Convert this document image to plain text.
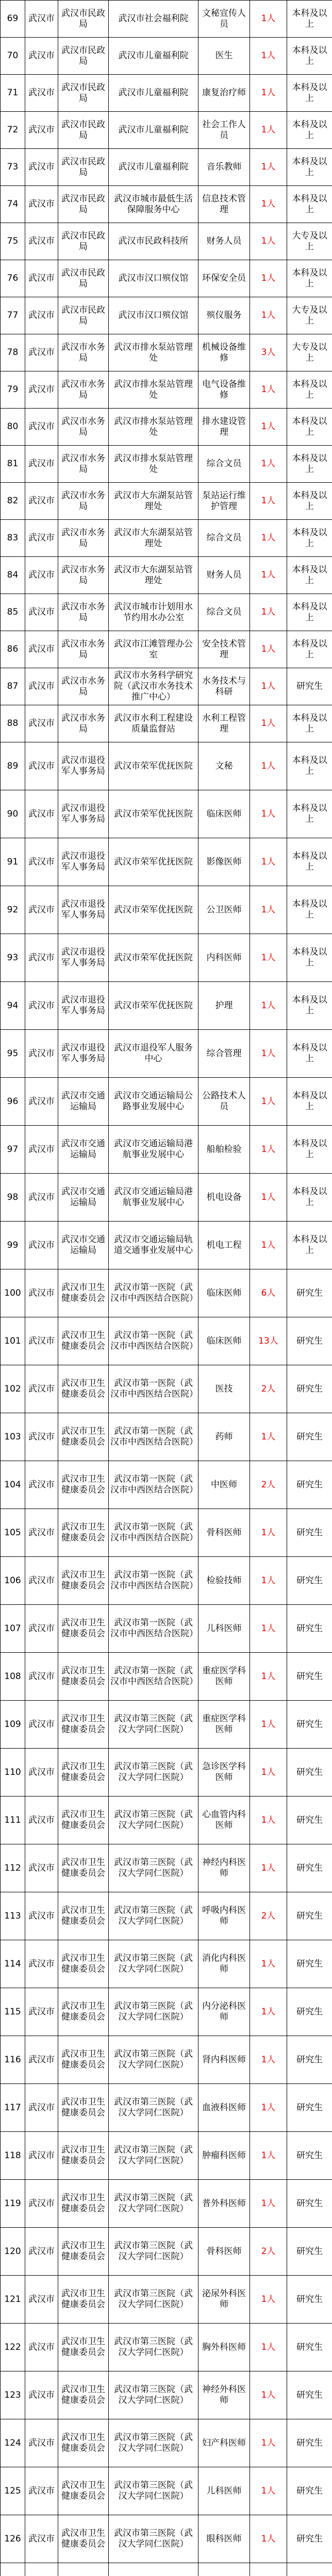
69	武汉市	武汉市民政局	武汉市社会福利院	文秘宣传人员	1人	本科及以上
70	武汉市	武汉市民政局	武汉市儿童福利院	医生	1人	本科及以上
71	武汉市	武汉市民政局	武汉市儿童福利院	康复治疗师	1人	本科及以上
72	武汉市	武汉市民政局	武汉市儿童福利院	社会工作人员	1人	本科及以上
73	武汉市	武汉市民政局	武汉市儿童福利院	音乐教师	1人	本科及以上
74	武汉市	武汉市民政局	武汉市城市最低生活保障服务中心	信息技术管理	1人	本科及以上
75	武汉市	武汉市民政局	武汉市民政科技所	财务人员	1人	大专及以上
76	武汉市	武汉市民政局	武汉市汉口殡仪馆	环保安全员	1人	本科及以上
77	武汉市	武汉市民政局	武汉市汉口殡仪馆	殡仪服务	1人	大专及以上
78	武汉市	武汉市水务局	武汉市排水泵站管理处	机械设备维修	3人	大专及以上
79	武汉市	武汉市水务局	武汉市排水泵站管理处	电气设备维修	1人	本科及以上
80	武汉市	武汉市水务局	武汉市排水泵站管理处	排水建设管理	1人	本科及以上
81	武汉市	武汉市水务局	武汉市排水泵站管理处	综合文员	1人	本科及以上
82	武汉市	武汉市水务局	武汉市大东湖泵站管理处	泵站运行维护管理	1人	本科及以上
83	武汉市	武汉市水务局	武汉市大东湖泵站管理处	综合文员	1人	本科及以上
84	武汉市	武汉市水务局	武汉市大东湖泵站管理处	财务人员	1人	本科及以上
85	武汉市	武汉市水务局	武汉市城市计划用水节约用水办公室	综合文员	1人	本科及以上
86	武汉市	武汉市水务局	武汉市江滩管理办公室	安全技术管理	1人	本科及以上
87	武汉市	武汉市水务局	武汉市水务科学研究院（武汉市水务技术推广中心）	水务技术与科研	1人	研究生
88	武汉市	武汉市水务局	武汉市水利工程建设质量监督站	水利工程管理	1人	本科及以上
89	武汉市	武汉市退役军人事务局	武汉市荣军优抚医院	文秘	1人	本科及以上
90	武汉市	武汉市退役军人事务局	武汉市荣军优抚医院	临床医师	1人	本科及以上
91	武汉市	武汉市退役军人事务局	武汉市荣军优抚医院	影像医师	1人	本科及以上
92	武汉市	武汉市退役军人事务局	武汉市荣军优抚医院	公卫医师	1人	本科及以上
93	武汉市	武汉市退役军人事务局	武汉市荣军优抚医院	内科医师	1人	本科及以上
94	武汉市	武汉市退役军人事务局	武汉市荣军优抚医院	护理	1人	本科及以上
95	武汉市	武汉市退役军人事务局	武汉市退役军人服务中心	综合管理	1人	本科及以上
96	武汉市	武汉市交通运输局	武汉市交通运输局公路事业发展中心	公路技术人员	1人	本科及以上
97	武汉市	武汉市交通运输局	武汉市交通运输局港航事业发展中心	船舶检验	1人	本科及以上
98	武汉市	武汉市交通运输局	武汉市交通运输局港航事业发展中心	机电设备	1人	本科及以上
99	武汉市	武汉市交通运输局	武汉市交通运输局轨道交通事业发展中心	机电工程	1人	本科及以上
100	武汉市	武汉市卫生健康委员会	武汉市第一医院（武汉市中西医结合医院）	临床医师	6人	研究生
101	武汉市	武汉市卫生健康委员会	武汉市第一医院（武汉市中西医结合医院）	临床医师	13人	研究生
102	武汉市	武汉市卫生健康委员会	武汉市第一医院（武汉市中西医结合医院）	医技	2人	研究生
103	武汉市	武汉市卫生健康委员会	武汉市第一医院（武汉市中西医结合医院）	药师	1人	研究生
104	武汉市	武汉市卫生健康委员会	武汉市第一医院（武汉市中西医结合医院）	中医师	2人	研究生
105	武汉市	武汉市卫生健康委员会	武汉市第一医院（武汉市中西医结合医院）	骨科医师	1人	研究生
106	武汉市	武汉市卫生健康委员会	武汉市第一医院（武汉市中西医结合医院）	检验技师	1人	研究生
107	武汉市	武汉市卫生健康委员会	武汉市第一医院（武汉市中西医结合医院）	儿科医师	1人	研究生
108	武汉市	武汉市卫生健康委员会	武汉市第一医院（武汉市中西医结合医院）	重症医学科医师	1人	研究生
109	武汉市	武汉市卫生健康委员会	武汉市第三医院（武汉大学同仁医院）	重症医学科医师	1人	研究生
110	武汉市	武汉市卫生健康委员会	武汉市第三医院（武汉大学同仁医院）	急诊医学科医师	1人	研究生
111	武汉市	武汉市卫生健康委员会	武汉市第三医院（武汉大学同仁医院）	心血管内科医师	1人	研究生
112	武汉市	武汉市卫生健康委员会	武汉市第三医院（武汉大学同仁医院）	神经内科医师	1人	研究生
113	武汉市	武汉市卫生健康委员会	武汉市第三医院（武汉大学同仁医院）	呼吸内科医师	2人	研究生
114	武汉市	武汉市卫生健康委员会	武汉市第三医院（武汉大学同仁医院）	消化内科医师	1人	研究生
115	武汉市	武汉市卫生健康委员会	武汉市第三医院（武汉大学同仁医院）	内分泌科医师	1人	研究生
116	武汉市	武汉市卫生健康委员会	武汉市第三医院（武汉大学同仁医院）	肾内科医师	1人	研究生
117	武汉市	武汉市卫生健康委员会	武汉市第三医院（武汉大学同仁医院）	血液科医师	1人	研究生
118	武汉市	武汉市卫生健康委员会	武汉市第三医院（武汉大学同仁医院）	肿瘤科医师	1人	研究生
119	武汉市	武汉市卫生健康委员会	武汉市第三医院（武汉大学同仁医院）	普外科医师	1人	研究生
120	武汉市	武汉市卫生健康委员会	武汉市第三医院（武汉大学同仁医院）	骨科医师	2人	研究生
121	武汉市	武汉市卫生健康委员会	武汉市第三医院（武汉大学同仁医院）	泌尿外科医师	1人	研究生
122	武汉市	武汉市卫生健康委员会	武汉市第三医院（武汉大学同仁医院）	胸外科医师	1人	研究生
123	武汉市	武汉市卫生健康委员会	武汉市第三医院（武汉大学同仁医院）	神经外科医师	1人	研究生
124	武汉市	武汉市卫生健康委员会	武汉市第三医院（武汉大学同仁医院）	妇产科医师	1人	研究生
125	武汉市	武汉市卫生健康委员会	武汉市第三医院（武汉大学同仁医院）	儿科医师	1人	研究生
126	武汉市	武汉市卫生健康委员会	武汉市第三医院（武汉大学同仁医院）	眼科医师	1人	研究生
